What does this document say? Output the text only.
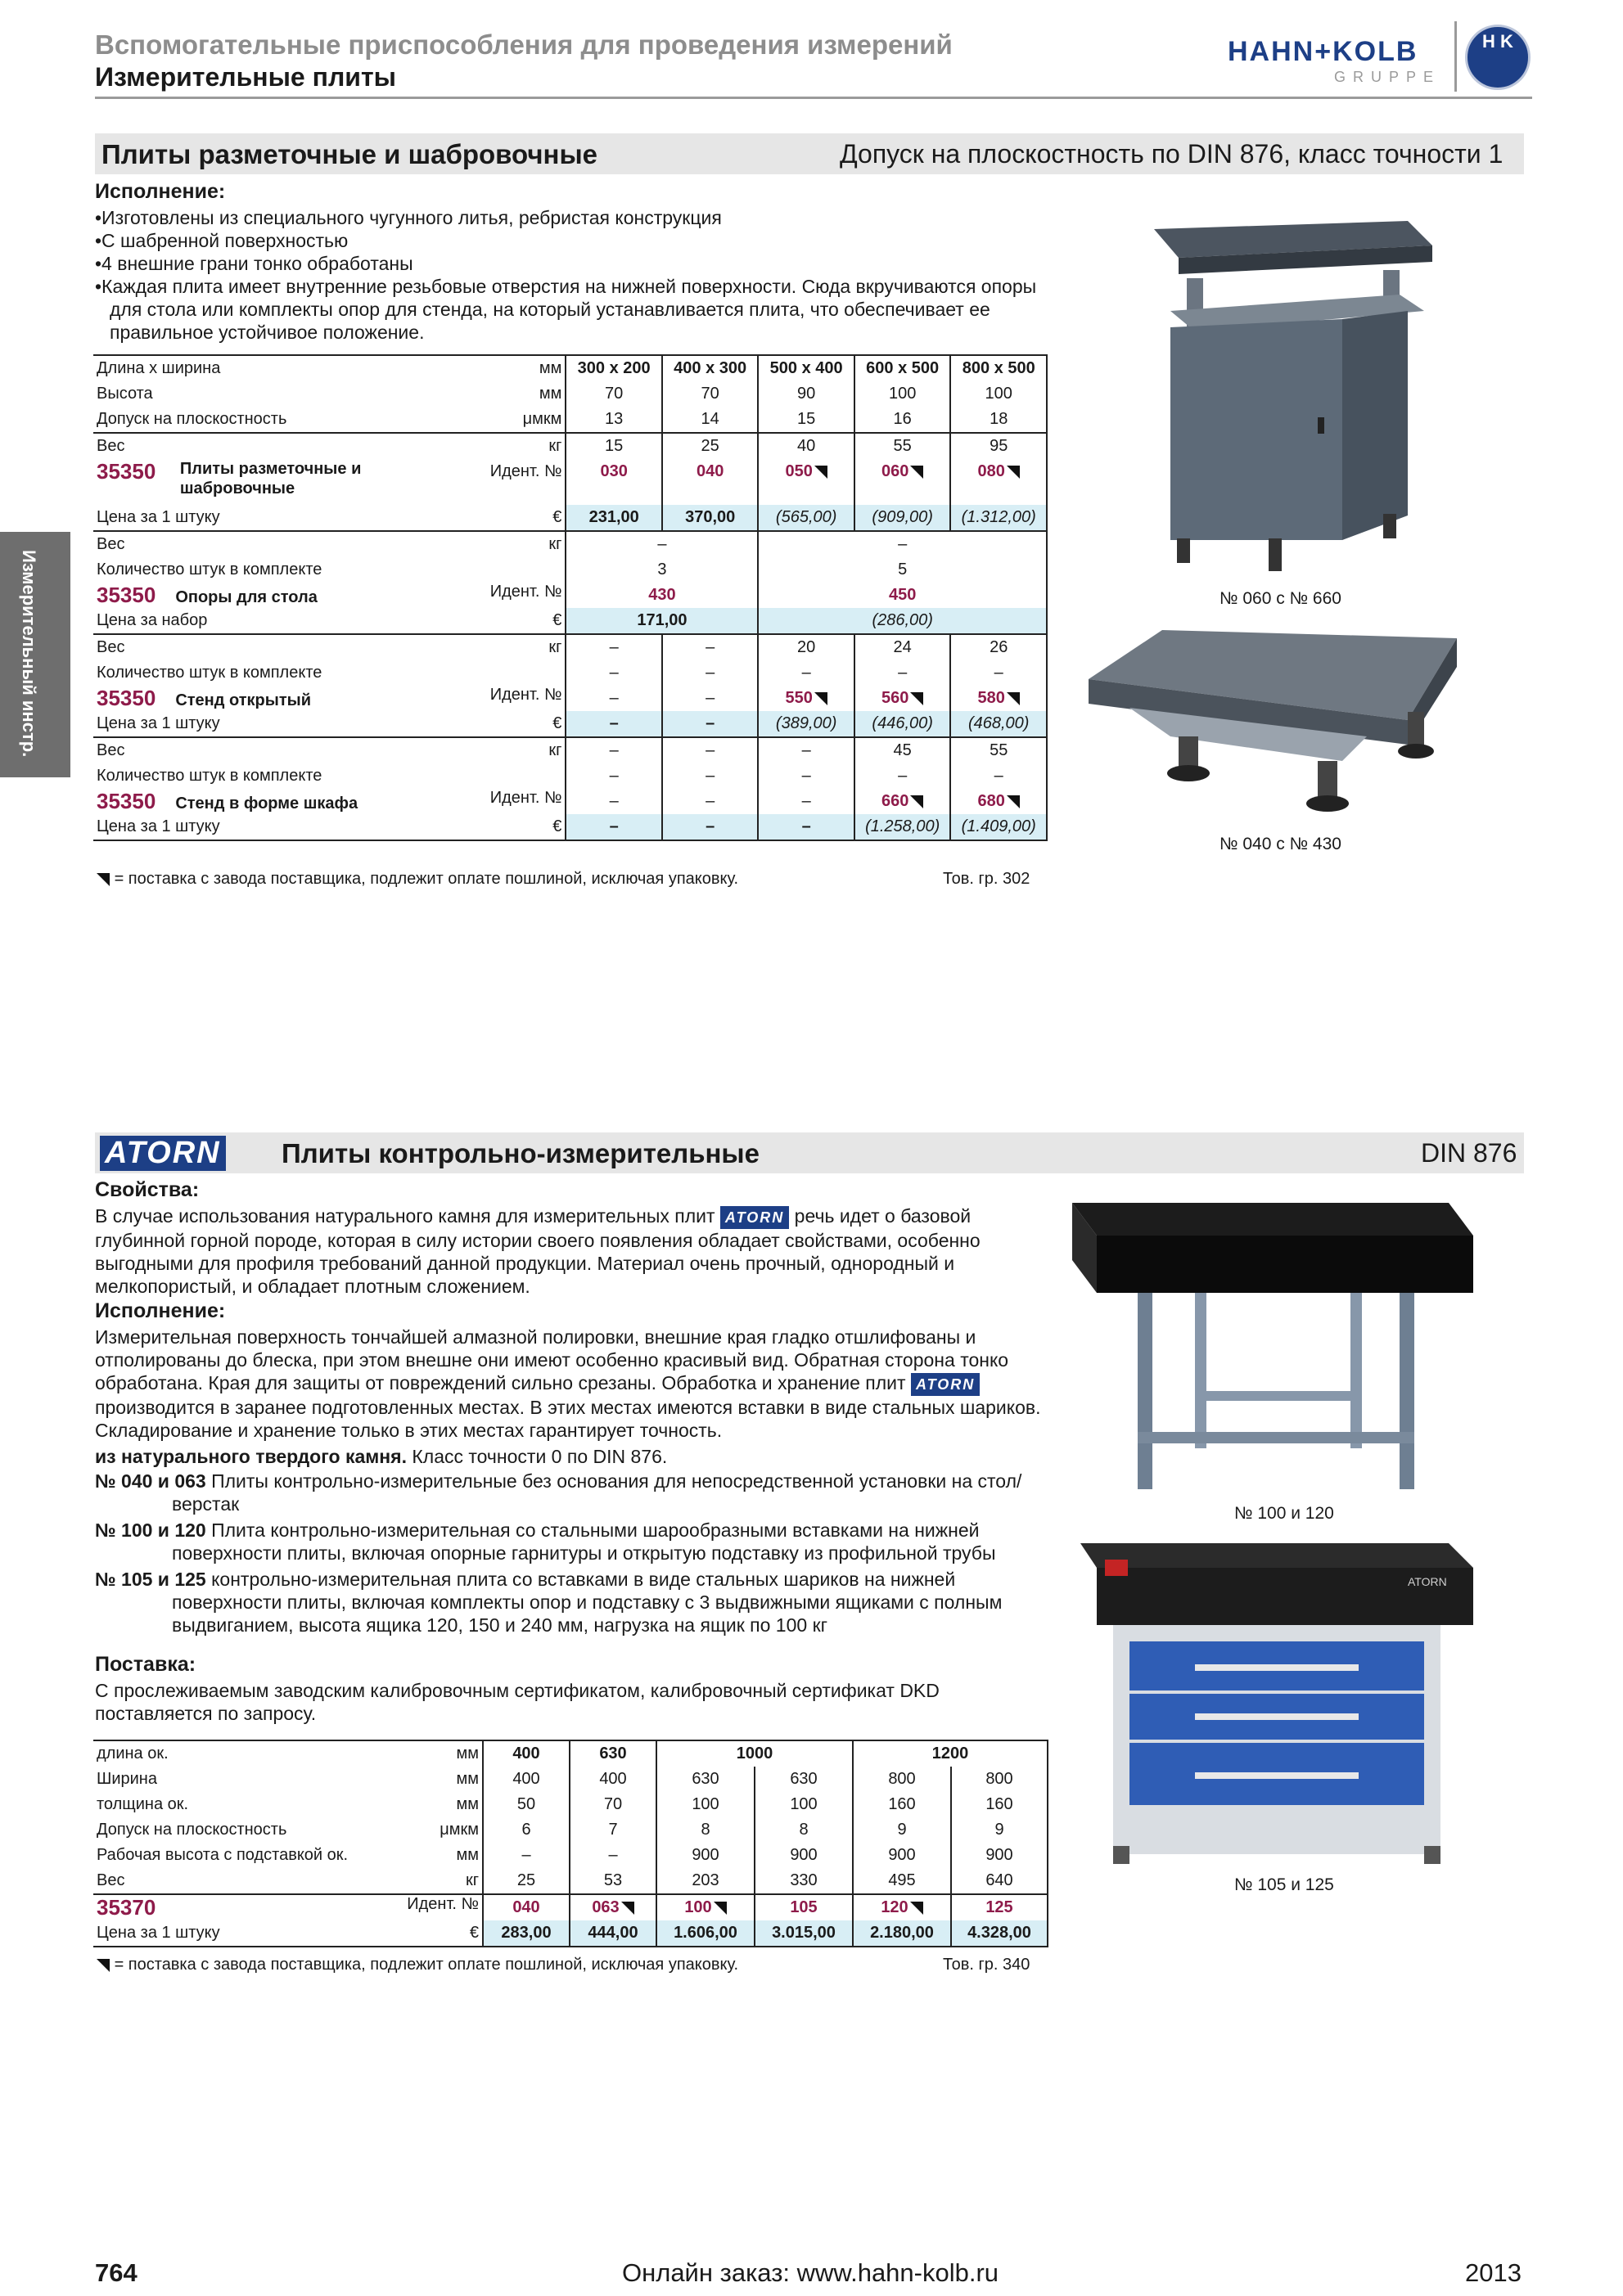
Вспомогательные приспособления для проведения измерений
Измерительные плиты
HAHN+KOLB
GRUPPE
H K
Измерительный инстр.
Плиты разметочные и шабровочные	Допуск на плоскостность по DIN 876, класс точности 1
Исполнение:
•Изготовлены из специального чугунного литья, ребристая конструкция
•С шабренной поверхностью
•4 внешние грани тонко обработаны
•Каждая плита имеет внутренние резьбовые отверстия на нижней поверхности. Сюда вкручиваются опоры для стола или комплекты опор для стенда, на который устанавливается плита, что обеспечивает ее правильное устойчивое положение.
Длина x ширина мм	300 x 200	400 x 300	500 x 400	600 x 500	800 x 500
Высота мм	70	70	90	100	100
Допуск на плоскостность μмкм	13	14	15	16	18
Вес кг	15	25	40	55	95
35350 Плиты разметочные и шабровочные
Идент. №	030	040	050	060	080
Цена за 1 штуку €	231,00	370,00	(565,00)	(909,00)	(1.312,00)
Вес кг	–		–		
Количество штук в комплекте	3		5		
35350 Опоры для стола Идент. №	430		450		
Цена за набор €	171,00		(286,00)		
Вес кг	–	–	20	24	26
Количество штук в комплекте	–	–	–	–	–
35350 Стенд открытый Идент. №	–	–	550	560	580
Цена за 1 штуку €	–	–	(389,00)	(446,00)	(468,00)
Вес кг	–	–	–	45	55
Количество штук в комплекте	–	–	–	–	–
35350 Стенд в форме шкафа Идент. №	–	–	–	660	680
Цена за 1 штуку €	–	–	–	(1.258,00)	(1.409,00)
= поставка с завода поставщика, подлежит оплате пошлиной, исключая упаковку.	Тов. гр. 302
№ 060 с № 660
№ 040 с № 430
ATORN Плиты контрольно-измерительные	DIN 876
Свойства:
В случае использования натурального камня для измерительных плит ATORN речь идет о базовой глубинной горной породе, которая в силу истории своего появления обладает свойствами, особенно выгодными для профиля требований данной продукции. Материал очень прочный, однородный и мелкопористый, и обладает плотным сложением.
Исполнение:
Измерительная поверхность тончайшей алмазной полировки, внешние края гладко отшлифованы и отполированы до блеска, при этом внешне они имеют особенно красивый вид. Обратная сторона тонко обработана. Края для защиты от повреждений сильно срезаны. Обработка и хранение плит ATORN производится в заранее подготовленных местах. В этих местах имеются вставки в виде стальных шариков. Складирование и хранение только в этих местах гарантирует точность.
из натурального твердого камня. Класс точности 0 по DIN 876.
№ 040 и 063 Плиты контрольно-измерительные без основания для непосредственной установки на стол/верстак
№ 100 и 120 Плита контрольно-измерительная со стальными шарообразными вставками на нижней поверхности плиты, включая опорные гарнитуры и открытую подставку из профильной трубы
№ 105 и 125 контрольно-измерительная плита со вставками в виде стальных шариков на нижней поверхности плиты, включая комплекты опор и подставку с 3 выдвижными ящиками с полным выдвиганием, высота ящика 120, 150 и 240 мм, нагрузка на ящик по 100 кг
Поставка:
С прослеживаемым заводским калибровочным сертификатом, калибровочный сертификат DKD поставляется по запросу.
длина ок. мм	400	630	1000		1200	
Ширина мм	400	400	630	630	800	800
толщина ок. мм	50	70	100	100	160	160
Допуск на плоскостность μмкм	6	7	8	8	9	9
Рабочая высота с подставкой ок. мм	–	–	900	900	900	900
Вес кг	25	53	203	330	495	640
35370 Идент. №	040	063	100	105	120	125
Цена за 1 штуку €	283,00	444,00	1.606,00	3.015,00	2.180,00	4.328,00
= поставка с завода поставщика, подлежит оплате пошлиной, исключая упаковку.	Тов. гр. 340
№ 100 и 120
ATORN
№ 105 и 125
764	Онлайн заказ: www.hahn-kolb.ru	2013
